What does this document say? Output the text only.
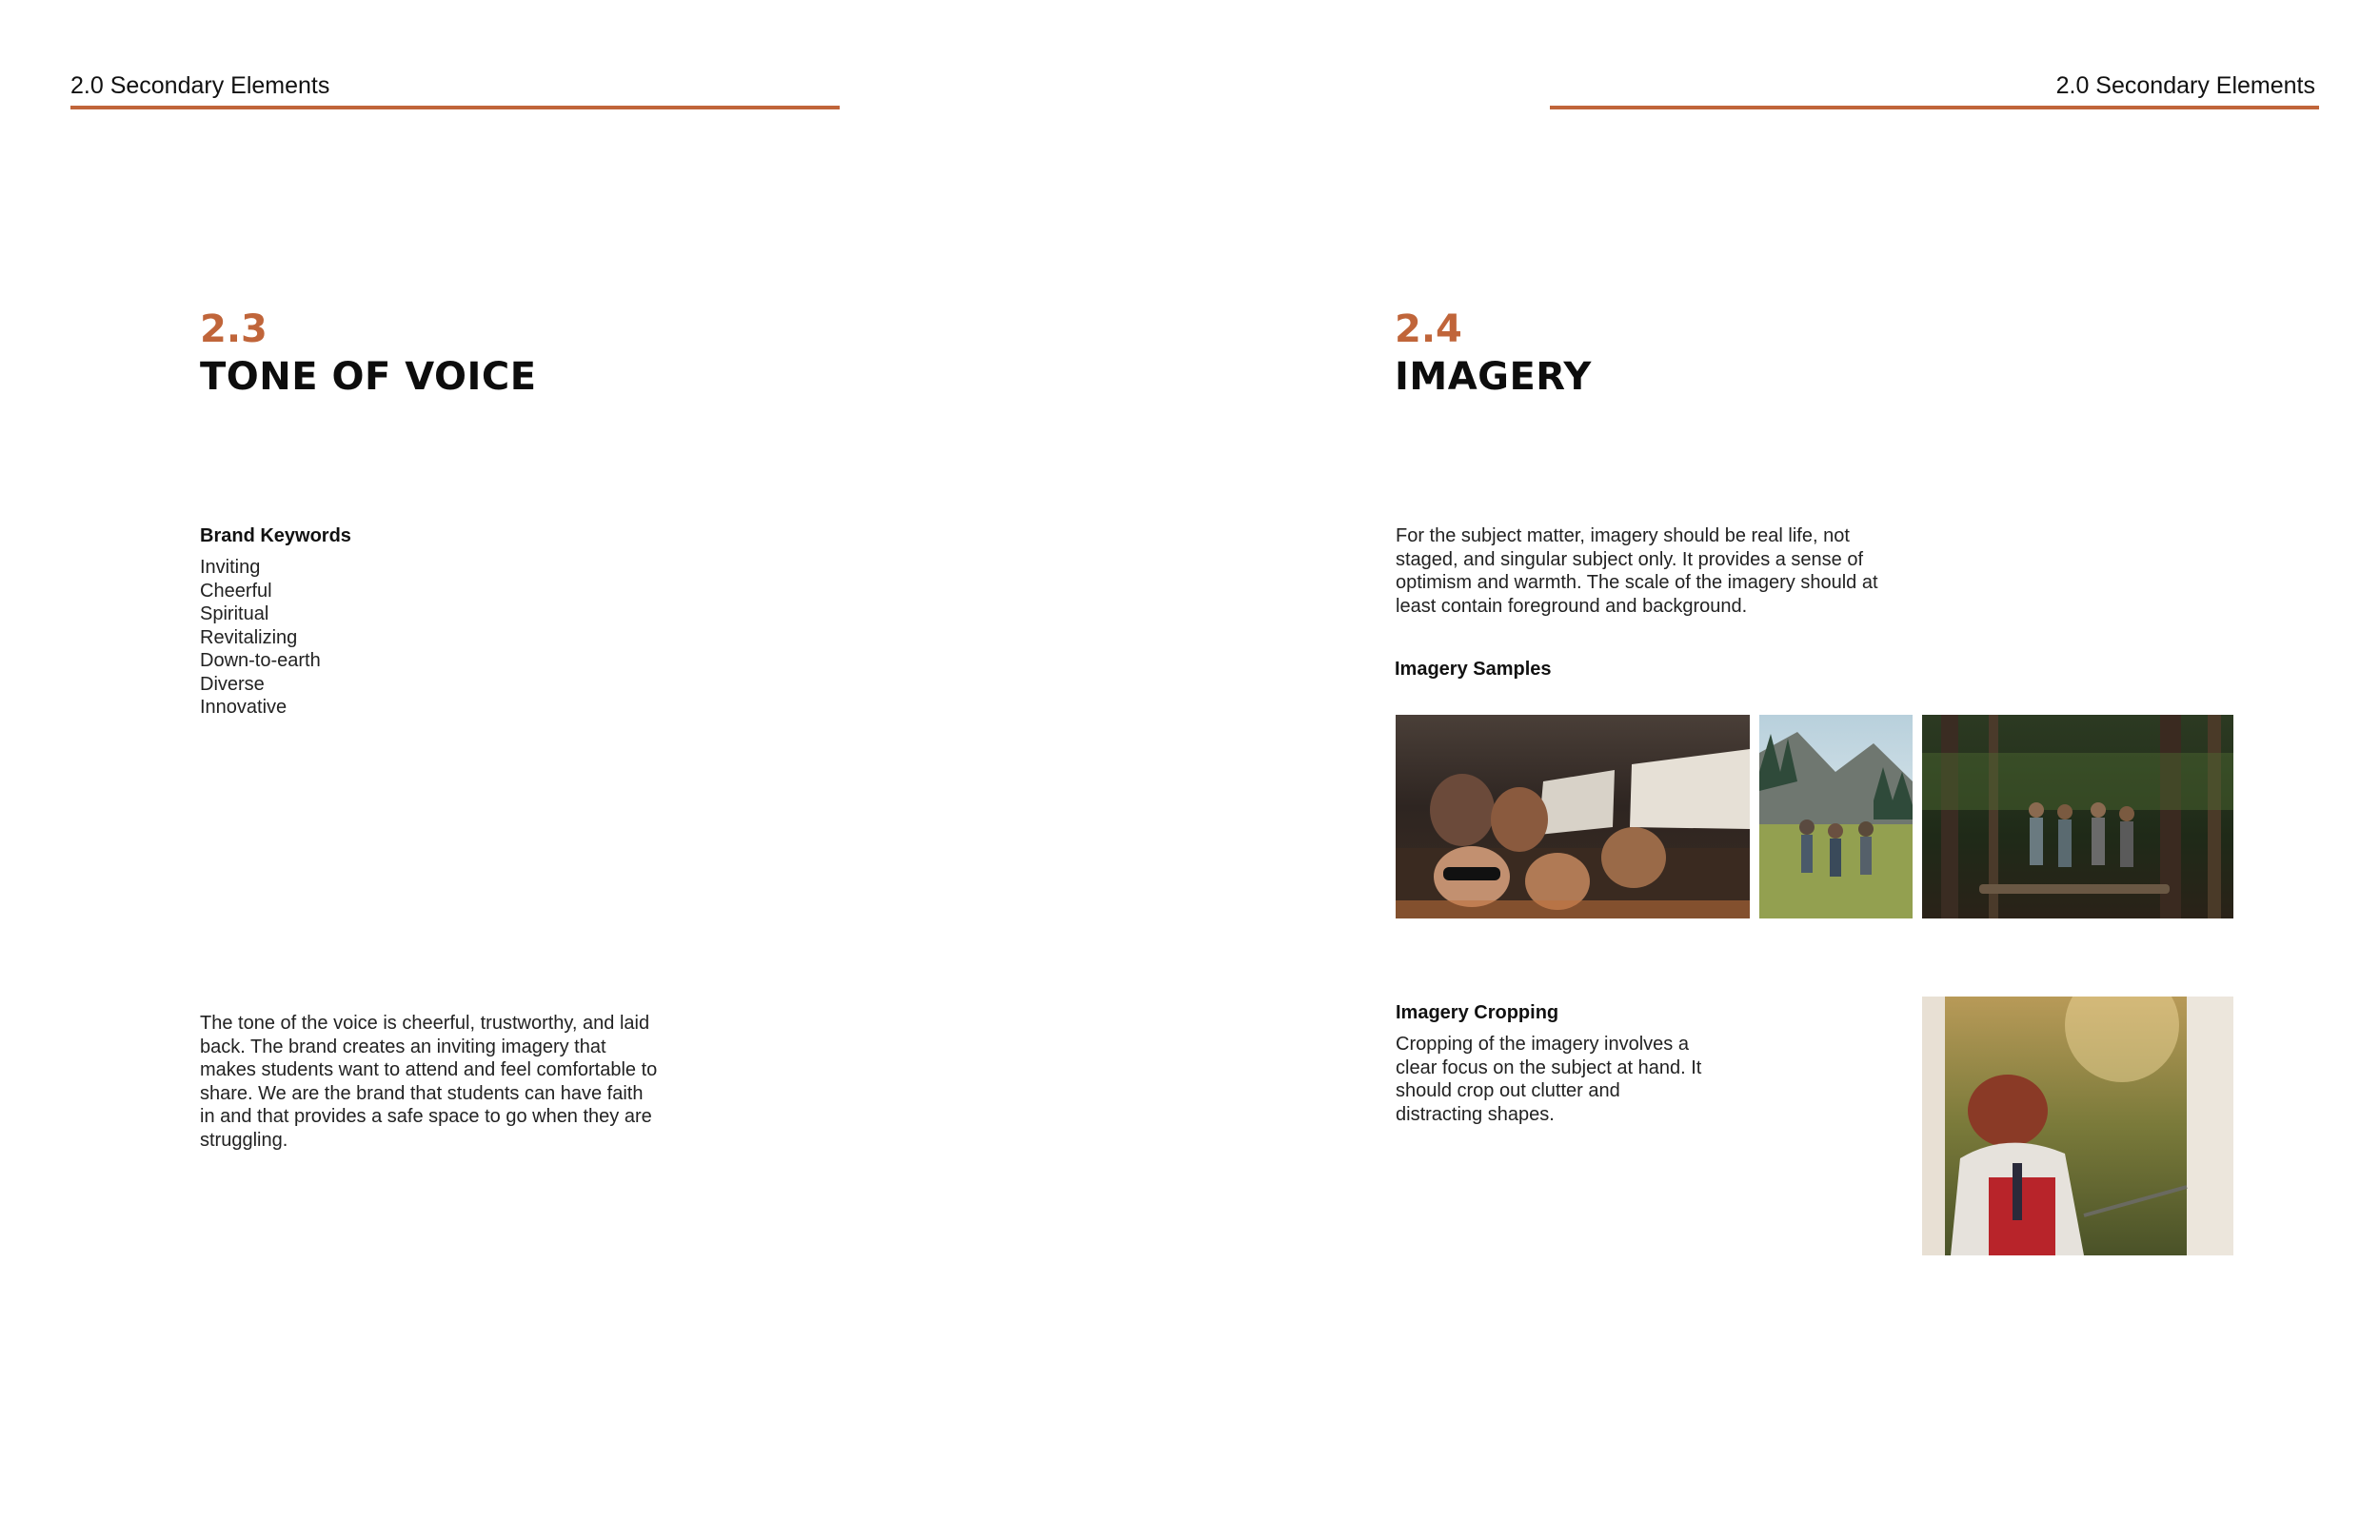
2.0 Secondary Elements	2.0 Secondary Elements
2.3
TONE OF VOICE
Brand Keywords
Inviting
Cheerful
Spiritual
Revitalizing
Down-to-earth
Diverse
Innovative

The tone of the voice is cheerful, trustworthy, and laid back. The brand creates an inviting imagery that makes students want to attend and feel comfortable to share. We are the brand that students can have faith in and that provides a safe space to go when they are struggling.

2.4
IMAGERY

For the subject matter, imagery should be real life, not staged, and singular subject only. It provides a sense of optimism and warmth. The scale of the imagery should at least contain foreground and background.

Imagery Samples
Imagery Cropping

Cropping of the imagery involves a clear focus on the subject at hand. It should crop out clutter and distracting shapes.
